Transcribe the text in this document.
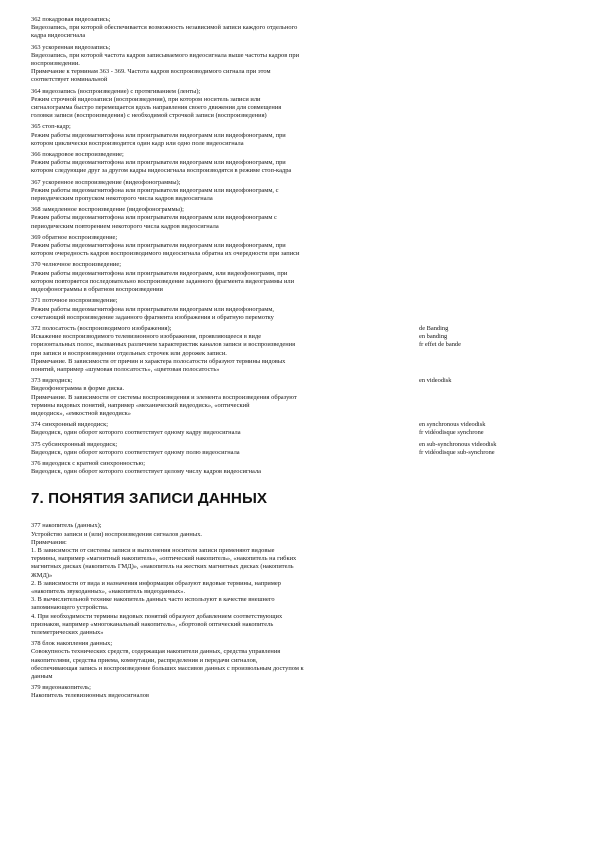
362 покадровая видеозапись;
Видеозапись, при которой обеспечивается возможность независимой записи каждого отдельного
кадра видеосигнала
363 ускоренная видеозапись;
Видеозапись, при которой частота кадров записываемого видеосигнала выше частоты кадров при
воспроизведении.
Примечание к терминам 363 - 369. Частота кадров воспроизводимого сигнала при этом
соответствует номинальной
364 видеозапись (воспроизведение) с протягиванием (ленты);
Режим строчной видеозаписи (воспроизведения), при котором носитель записи или
сигналограмма быстро перемещается вдоль направления своего движения для совмещения
головки записи (воспроизведения) с необходимой строчкой записи (воспроизведения)
365 стоп-кадр;
Режим работы видеомагнитофона или проигрывателя видеограмм или видеофонограмм, при
котором циклически воспроизводится один кадр или одно поле видеосигнала
366 покадровое воспроизведение;
Режим работы видеомагнитофона или проигрывателя видеограмм или видеофонограмм, при
котором следующие друг за другом кадры видеосигнала воспроизводятся в режиме стоп-кадра
367 ускоренное воспроизведение (видеофонограммы);
Режим работы видеомагнитофона или проигрывателя видеограмм или видеофонограмм, с
периодическим пропуском некоторого числа кадров видеосигнала
368 замедленное воспроизведение (видеофонограммы);
Режим работы видеомагнитофона или проигрывателя видеограмм или видеофонограмм с
периодическим повторением некоторого числа кадров видеосигнала
369 обратное воспроизведение;
Режим работы видеомагнитофона или проигрывателя видеограмм или видеофонограмм, при
котором очередность кадров воспроизводимого видеосигнала обратна их очередности при записи
370 челночное воспроизведение;
Режим работы видеомагнитофона или проигрывателя видеограмм, или видеофонограмм, при
котором повторяется последовательно воспроизведение заданного фрагмента видеограммы или
видеофонограммы в обратном воспроизведении
371 поточное воспроизведение;
Режим работы видеомагнитофона или проигрывателя видеограмм или видеофонограмм,
сочетающий воспроизведение заданного фрагмента изображения и обратную перемотку
372 полосатость (воспроизводимого изображения);
Искажение воспроизводимого телевизионного изображения, проявляющееся в виде
горизонтальных полос, вызванных различием характеристик каналов записи и воспроизведения
при записи и воспроизведении отдельных строчек или дорожек записи.
Примечание. В зависимости от причин и характера полосатости образуют термины видовых
понятий, например «шумовая полосатость», «цветовая полосатость»
de Banding
en banding
fr effet de bande
373 видеодиск;
Видеофонограмма в форме диска.
Примечание. В зависимости от системы воспроизведения и элемента воспроизведения образуют
термины видовых понятий, например «механический видеодиск», «оптический
видеодиск», «емкостной видеодиск»
en videodisk
374 синхронный видеодиск;
Видеодиск, один оборот которого соответствует одному кадру видеосигнала
en synchronous videodisk
fr vidéodisque synchrone
375 субсинхронный видеодиск;
Видеодиск, один оборот которого соответствует одному полю видеосигнала
en sub-synchronous videodisk
fr vidéodisque sub-synchrone
376 видеодиск с кратной синхронностью;
Видеодиск, один оборот которого соответствует целому числу кадров видеосигнала
7. ПОНЯТИЯ ЗАПИСИ ДАННЫХ
377 накопитель (данных);
Устройство записи и (или) воспроизведения сигналов данных.
Примечания:
1. В зависимости от системы записи и выполнения носителя записи применяют видовые
термины, например «магнитный накопитель», «оптический накопитель», «накопитель на гибких
магнитных дисках (накопитель ГМД)», «накопитель на жестких магнитных дисках (накопитель
ЖМД)»
2. В зависимости от вида и назначения информации образуют видовые термины, например
«накопитель звукоданных», «накопитель видеоданных».
3. В вычислительной технике накопитель данных часто используют в качестве внешнего
запоминающего устройства.
4. При необходимости термины видовых понятий образуют добавлением соответствующих
признаков, например «многоканальный накопитель», «бортовой оптический накопитель
телеметрических данных»
378 блок накопления данных;
Совокупность технических средств, содержащая накопители данных, средства управления
накопителями, средства приема, коммутации, распределения и передачи сигналов,
обеспечивающая запись и воспроизведение больших массивов данных с произвольным доступом к
данным
379 видеонакопитель;
Накопитель телевизионных видеосигналов
